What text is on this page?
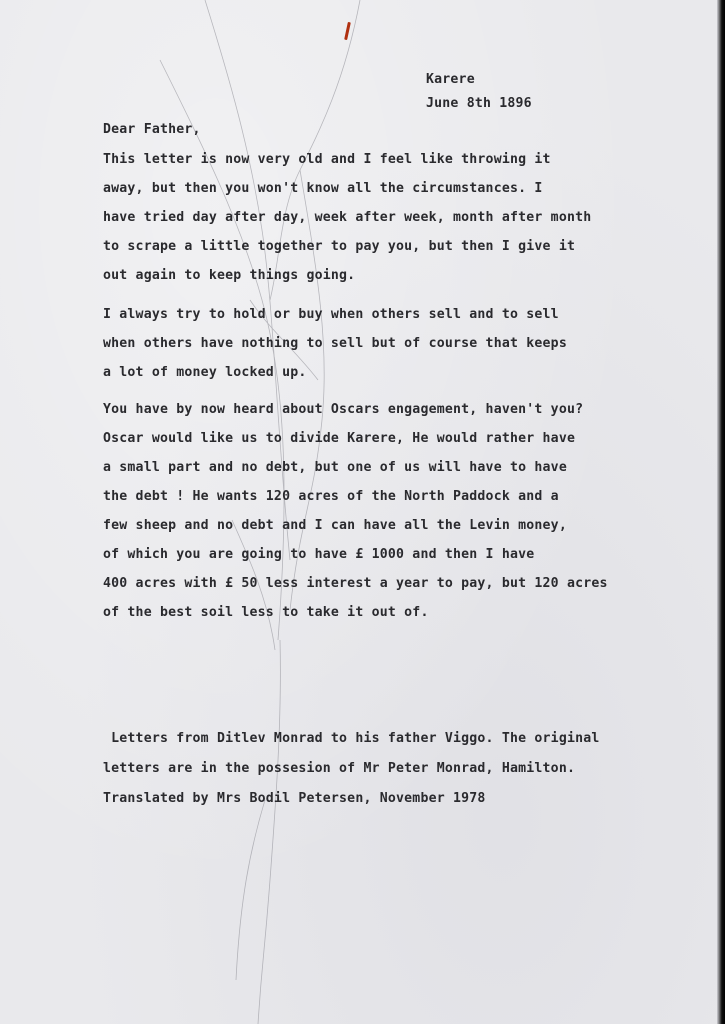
Karere

June 8th 1896

Dear Father,

This letter is now very old and I feel like throwing it

away, but then you won't know all the circumstances. I

have tried day after day, week after week, month after month

to scrape a little together to pay you, but then I give it

out again to keep things going.

I always try to hold or buy when others sell and to sell

when others have nothing to sell but of course that keeps

a lot of money locked up.

You have by now heard about Oscars engagement, haven't you?

Oscar would like us to divide Karere, He would rather have

a small part and no debt, but one of us will have to have

the debt ! He wants 120 acres of the North Paddock and a

few sheep and no debt and I can have all the Levin money,

of which you are going to have £ 1000 and then I have

400 acres with £ 50 less interest a year to pay, but 120 acres

of the best soil less to take it out of.

Letters from Ditlev Monrad to his father Viggo. The original

letters are in the possesion of Mr Peter Monrad, Hamilton.

Translated by Mrs Bodil Petersen, November 1978
